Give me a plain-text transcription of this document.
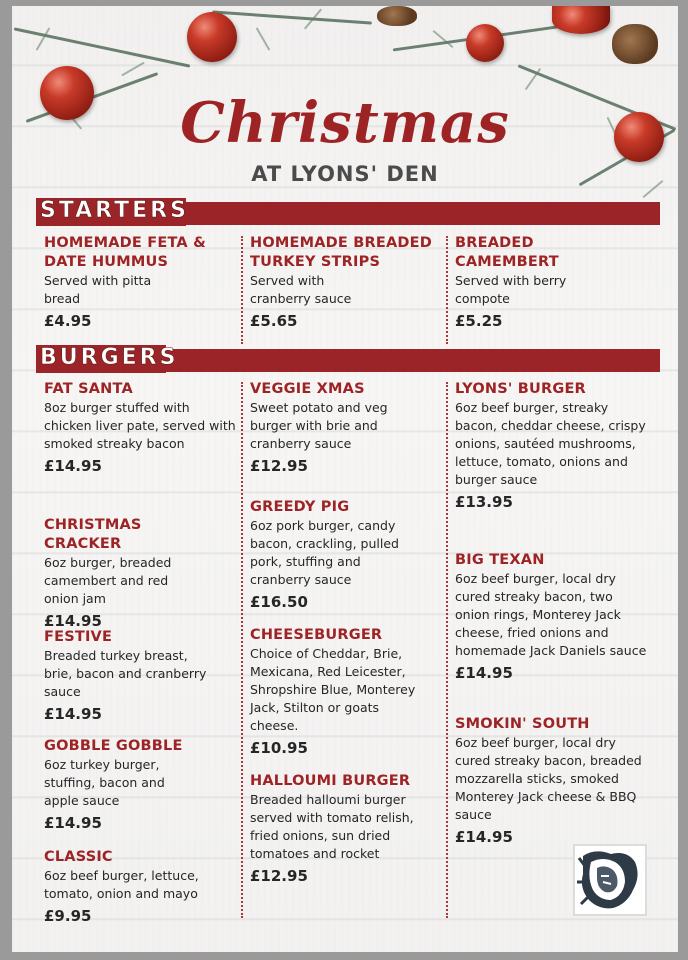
Christmas
AT LYONS' DEN
STARTERS
HOMEMADE FETA & DATE HUMMUS
Served with pitta bread
£4.95
HOMEMADE BREADED TURKEY STRIPS
Served with cranberry sauce
£5.65
BREADED CAMEMBERT
Served with berry compote
£5.25
BURGERS
FAT SANTA
8oz burger stuffed with chicken liver pate, served with smoked streaky bacon
£14.95
CHRISTMAS CRACKER
6oz burger, breaded camembert and red onion jam
£14.95
FESTIVE
Breaded turkey breast, brie, bacon and cranberry sauce
£14.95
GOBBLE GOBBLE
6oz turkey burger, stuffing, bacon and apple sauce
£14.95
CLASSIC
6oz beef burger, lettuce, tomato, onion and mayo
£9.95
VEGGIE XMAS
Sweet potato and veg burger with brie and cranberry sauce
£12.95
GREEDY PIG
6oz pork burger, candy bacon, crackling, pulled pork, stuffing and cranberry sauce
£16.50
CHEESEBURGER
Choice of Cheddar, Brie, Mexicana, Red Leicester, Shropshire Blue, Monterey Jack, Stilton or goats cheese.
£10.95
HALLOUMI BURGER
Breaded halloumi burger served with tomato relish, fried onions, sun dried tomatoes and rocket
£12.95
LYONS' BURGER
6oz beef burger, streaky bacon, cheddar cheese, crispy onions, sautéed mushrooms, lettuce, tomato, onions and burger sauce
£13.95
BIG TEXAN
6oz beef burger, local dry cured streaky bacon, two onion rings, Monterey Jack cheese, fried onions and homemade Jack Daniels sauce
£14.95
SMOKIN' SOUTH
6oz beef burger, local dry cured streaky bacon, breaded mozzarella sticks, smoked Monterey Jack cheese & BBQ sauce
£14.95
